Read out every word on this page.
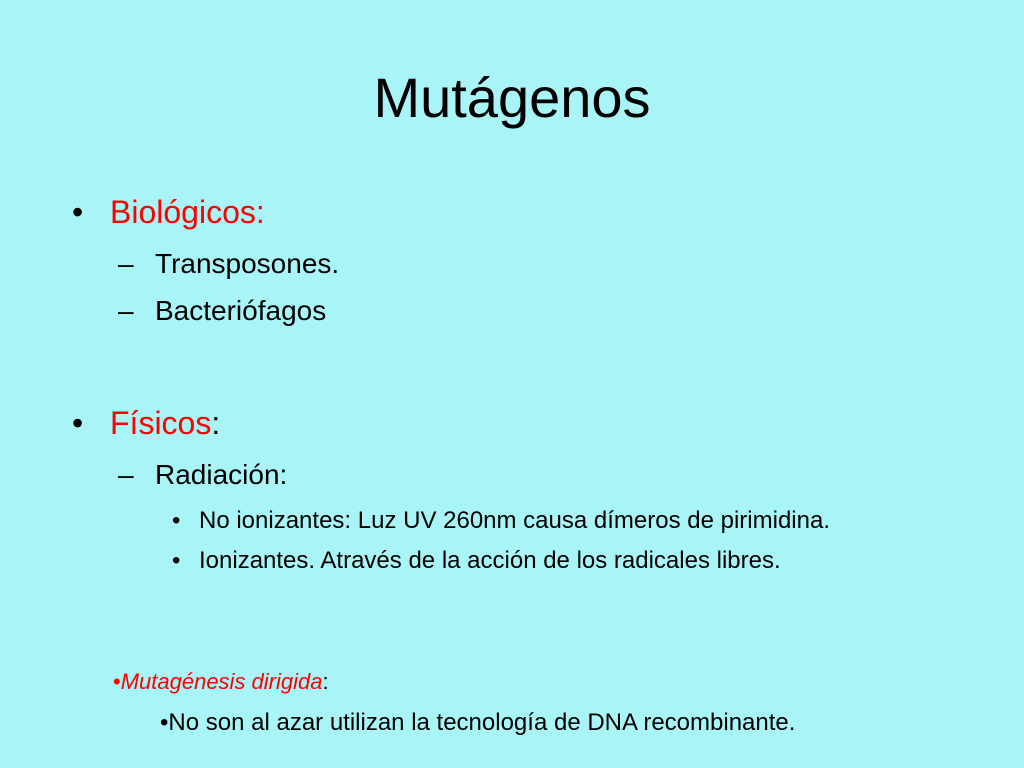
Mutágenos
• Biológicos:
– Transposones.
– Bacteriófagos
• Físicos:
– Radiación:
• No ionizantes: Luz UV 260nm causa dímeros de pirimidina.
• Ionizantes. Através de la acción de los radicales libres.
•Mutagénesis dirigida:
•No son al azar utilizan la tecnología de DNA recombinante.
